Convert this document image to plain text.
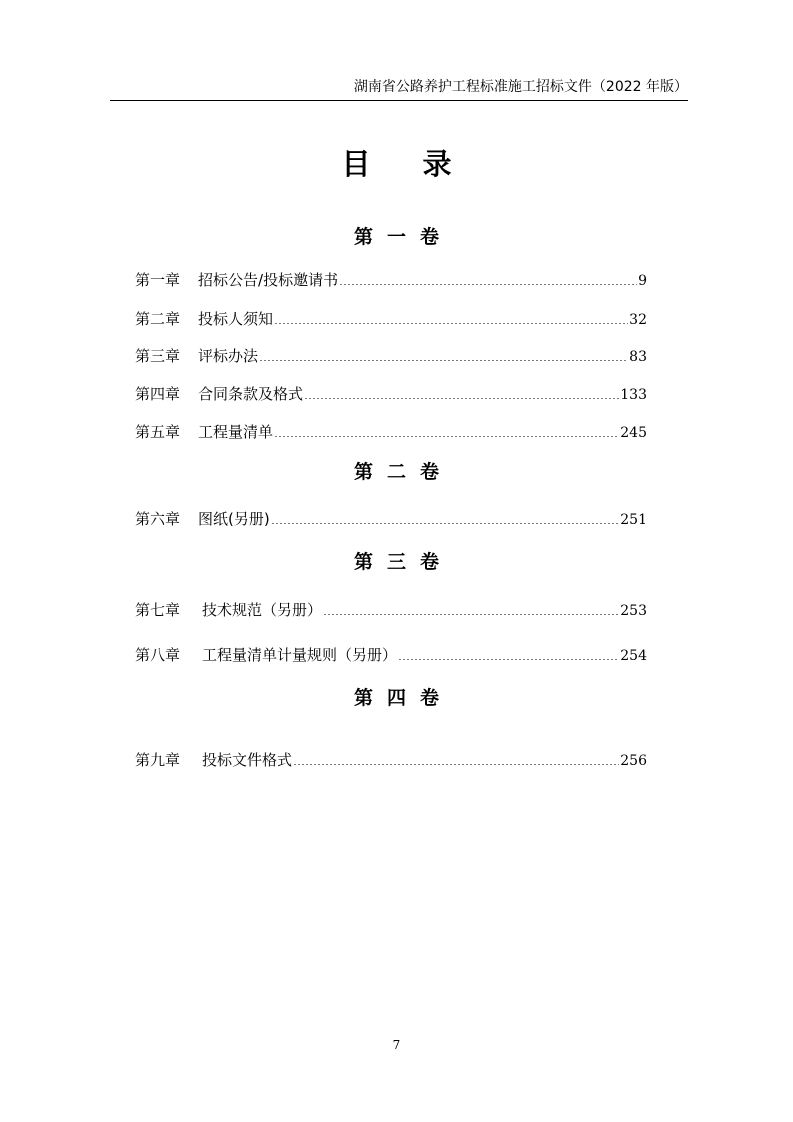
湖南省公路养护工程标准施工招标文件（2022 年版）
目录
第一卷
第一章 招标公告/投标邀请书	9
第二章 投标人须知	32
第三章 评标办法	83
第四章 合同条款及格式	133
第五章 工程量清单	245
第二卷
第六章 图纸(另册)	251
第三卷
第七章 技术规范（另册）	253
第八章 工程量清单计量规则（另册）	254
第四卷
第九章 投标文件格式	256
7
